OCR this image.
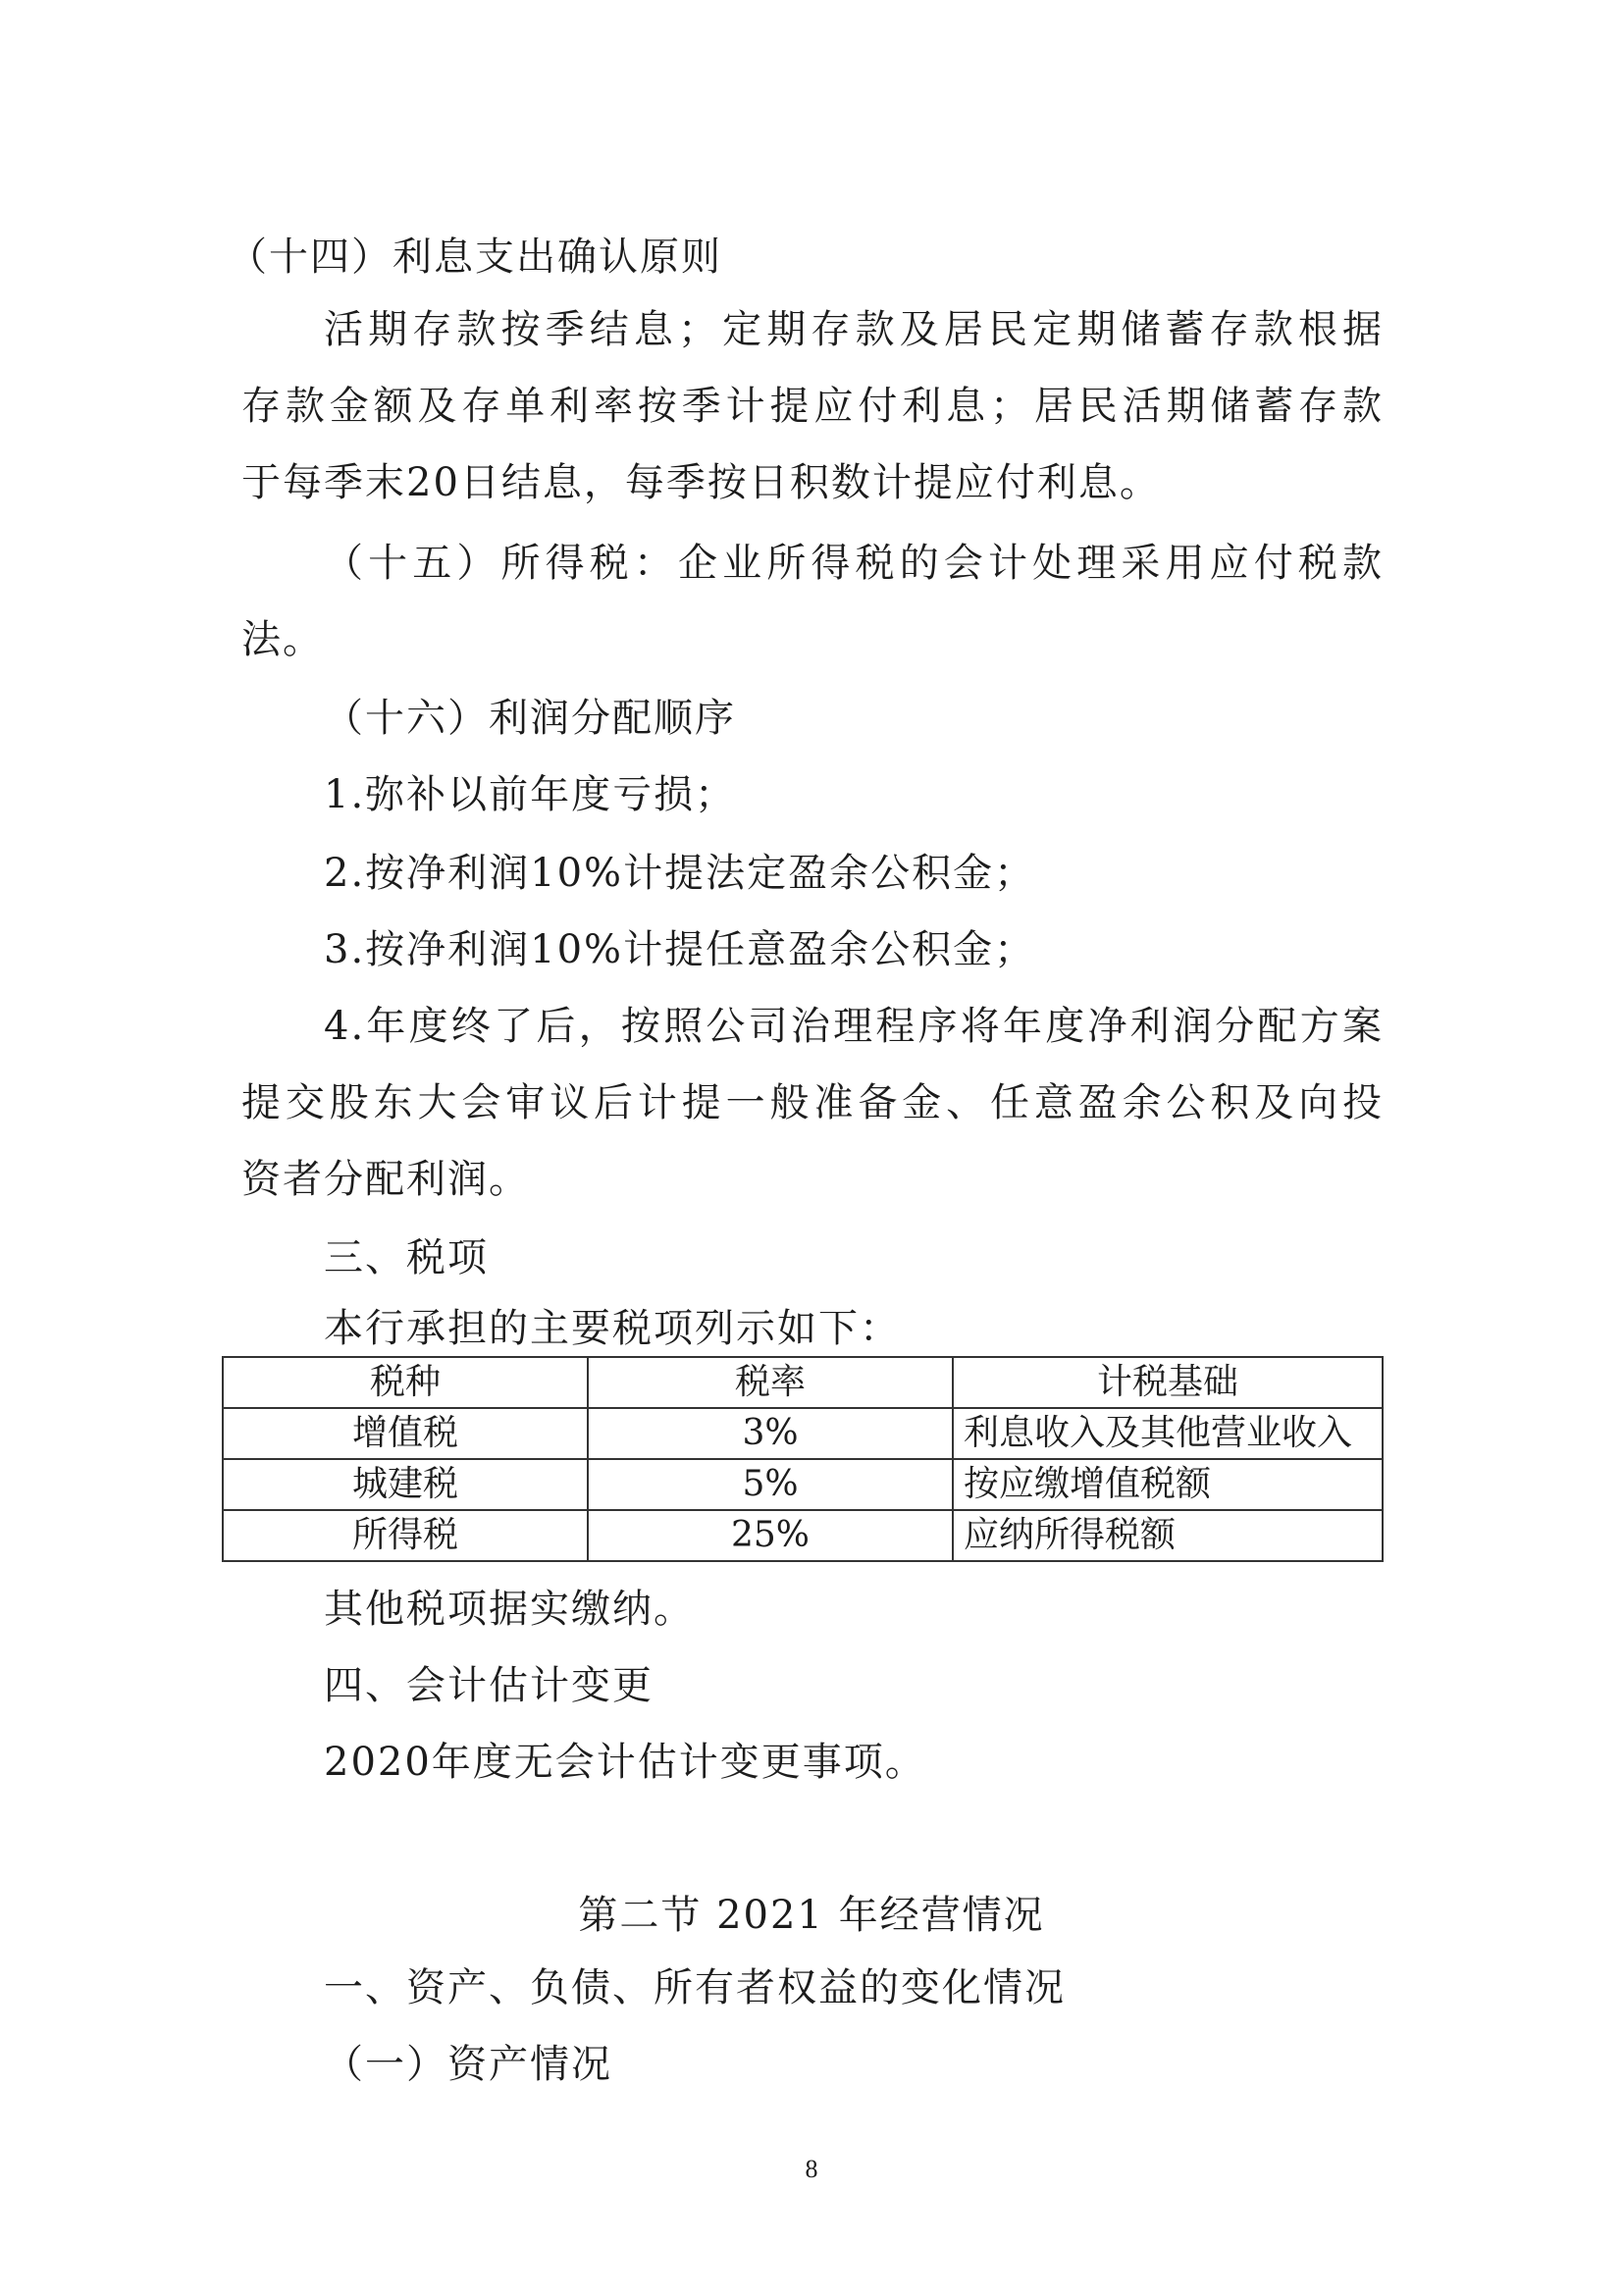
（十四）利息支出确认原则
活期存款按季结息；定期存款及居民定期储蓄存款根据
存款金额及存单利率按季计提应付利息；居民活期储蓄存款
于每季末20日结息，每季按日积数计提应付利息。
（十五）所得税：企业所得税的会计处理采用应付税款
法。
（十六）利润分配顺序
1.弥补以前年度亏损；
2.按净利润10%计提法定盈余公积金；
3.按净利润10%计提任意盈余公积金；
4.年度终了后，按照公司治理程序将年度净利润分配方案
提交股东大会审议后计提一般准备金、任意盈余公积及向投
资者分配利润。
三、税项
本行承担的主要税项列示如下：
税种	税率	计税基础
增值税	3%	利息收入及其他营业收入
城建税	5%	按应缴增值税额
所得税	25%	应纳所得税额
其他税项据实缴纳。
四、会计估计变更
2020年度无会计估计变更事项。
第二节 2021 年经营情况
一、资产、负债、所有者权益的变化情况
（一）资产情况
8
